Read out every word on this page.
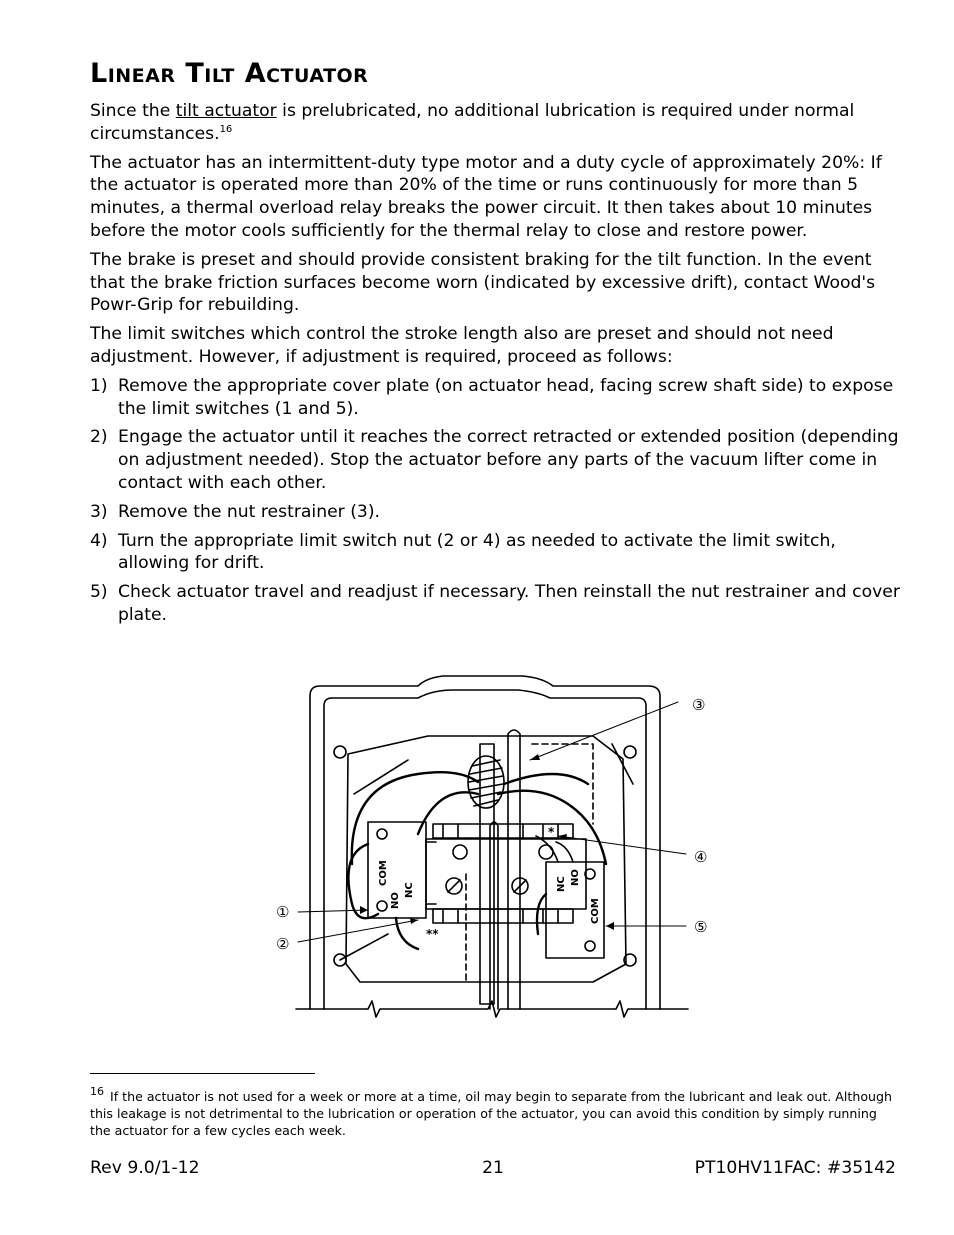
Linear Tilt Actuator

Since the tilt actuator is prelubricated, no additional lubrication is required under normal circumstances.$^{16}$

The actuator has an intermittent-duty type motor and a duty cycle of approximately 20%: If the actuator is operated more than 20% of the time or runs continuously for more than 5 minutes, a thermal overload relay breaks the power circuit. It then takes about 10 minutes before the motor cools sufficiently for the thermal relay to close and restore power.

The brake is preset and should provide consistent braking for the tilt function. In the event that the brake friction surfaces become worn (indicated by excessive drift), contact Wood's Powr-Grip for rebuilding.

The limit switches which control the stroke length also are preset and should not need adjustment. However, if adjustment is required, proceed as follows:

1) Remove the appropriate cover plate (on actuator head, facing screw shaft side) to expose the limit switches (1 and 5).
2) Engage the actuator until it reaches the correct retracted or extended position (depending on adjustment needed). Stop the actuator before any parts of the vacuum lifter come in contact with each other.
3) Remove the nut restrainer (3).
4) Turn the appropriate limit switch nut (2 or 4) as needed to activate the limit switch, allowing for drift.
5) Check actuator travel and readjust if necessary. Then reinstall the nut restrainer and cover plate.
COM
NO
NC	NC NO
COM
*
**
③
④
⑤
①
②
16 If the actuator is not used for a week or more at a time, oil may begin to separate from the lubricant and leak out. Although this leakage is not detrimental to the lubrication or operation of the actuator, you can avoid this condition by simply running the actuator for a few cycles each week.
21
Rev 9.0/1-12	PT10HV11FAC: #35142
